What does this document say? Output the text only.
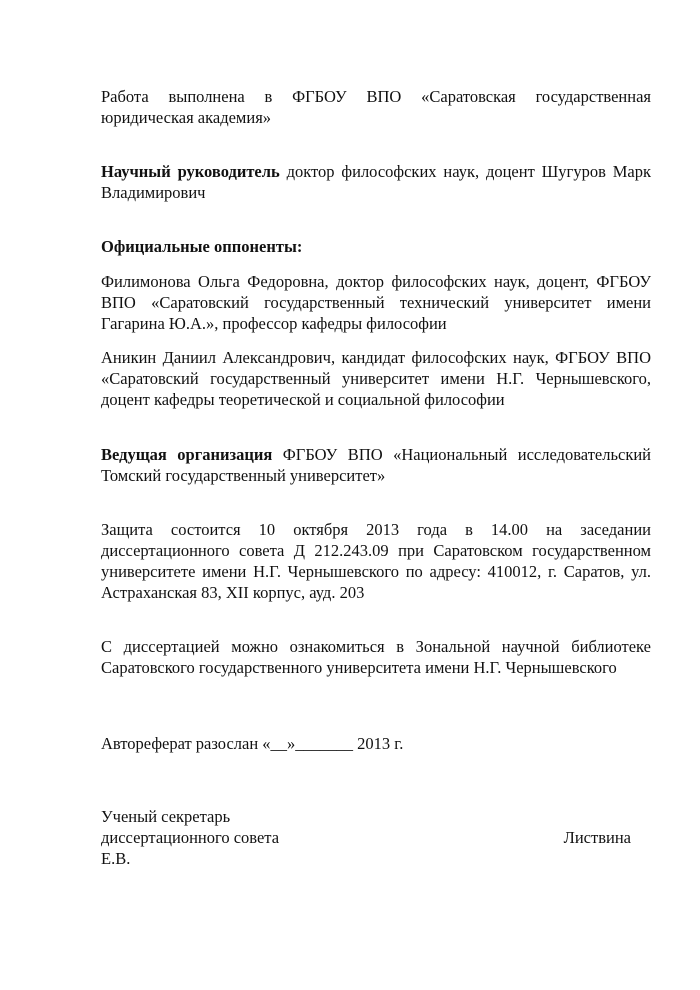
Работа выполнена в ФГБОУ ВПО «Саратовская государственная юридическая академия»

Научный руководитель доктор философских наук, доцент Шугуров Марк Владимирович

Официальные оппоненты:

Филимонова Ольга Федоровна, доктор философских наук, доцент, ФГБОУ ВПО «Саратовский государственный технический университет имени Гагарина Ю.А.», профессор кафедры философии

Аникин Даниил Александрович, кандидат философских наук, ФГБОУ ВПО «Саратовский государственный университет имени Н.Г. Чернышевского, доцент кафедры теоретической и социальной философии

Ведущая организация ФГБОУ ВПО «Национальный исследовательский Томский государственный университет»

Защита состоится 10 октября 2013 года в 14.00 на заседании диссертационного совета Д 212.243.09 при Саратовском государственном университете имени Н.Г. Чернышевского по адресу: 410012, г. Саратов, ул. Астраханская 83, XII корпус, ауд. 203

С диссертацией можно ознакомиться в Зональной научной библиотеке Саратовского государственного университета имени Н.Г. Чернышевского

Автореферат разослан «__»_______ 2013 г.

Ученый секретарь
диссертационного совета	Листвина
Е.В.
